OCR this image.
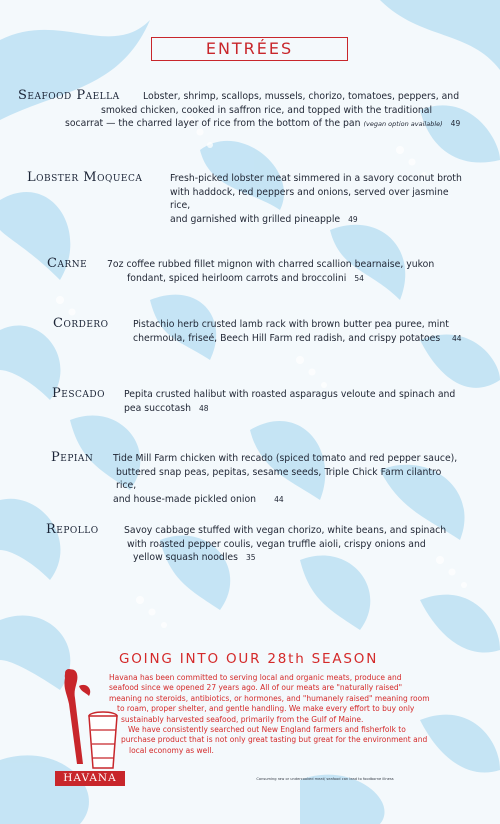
ENTRÉES
Seafood Paella	Lobster, shrimp, scallops, mussels, chorizo, tomatoes, peppers, and
smoked chicken, cooked in saffron rice, and topped with the traditional
socarrat — the charred layer of rice from the bottom of the pan (vegan option available) 49
Lobster Moqueca	Fresh-picked lobster meat simmered in a savory coconut broth
with haddock, red peppers and onions, served over jasmine rice,
and garnished with grilled pineapple 49
Carne 7oz coffee rubbed fillet mignon with charred scallion bearnaise, yukon
fondant, spiced heirloom carrots and broccolini 54
Cordero	Pistachio herb crusted lamb rack with brown butter pea puree, mint
chermoula, friseé, Beech Hill Farm red radish, and crispy potatoes	44
Pescado Pepita crusted halibut with roasted asparagus veloute and spinach and
pea succotash 48
Pepian Tide Mill Farm chicken with recado (spiced tomato and red pepper sauce),
buttered snap peas, pepitas, sesame seeds, Triple Chick Farm cilantro rice,
and house-made pickled onion 44
Repollo	Savoy cabbage stuffed with vegan chorizo, white beans, and spinach
with roasted pepper coulis, vegan truffle aioli, crispy onions and
yellow squash noodles 35
GOING INTO OUR 28th SEASON

Havana has been committed to serving local and organic meats, produce and

seafood since we opened 27 years ago. All of our meats are "naturally raised"

meaning no steroids, antibiotics, or hormones, and "humanely raised" meaning room

to roam, proper shelter, and gentle handling. We make every effort to buy only

sustainably harvested seafood, primarily from the Gulf of Maine.

We have consistently searched out New England farmers and fisherfolk to

purchase product that is not only great tasting but great for the environment and

local economy as well.

Consuming raw or undercooked meat/ seafood can lead to foodborne illness
HAVANA
